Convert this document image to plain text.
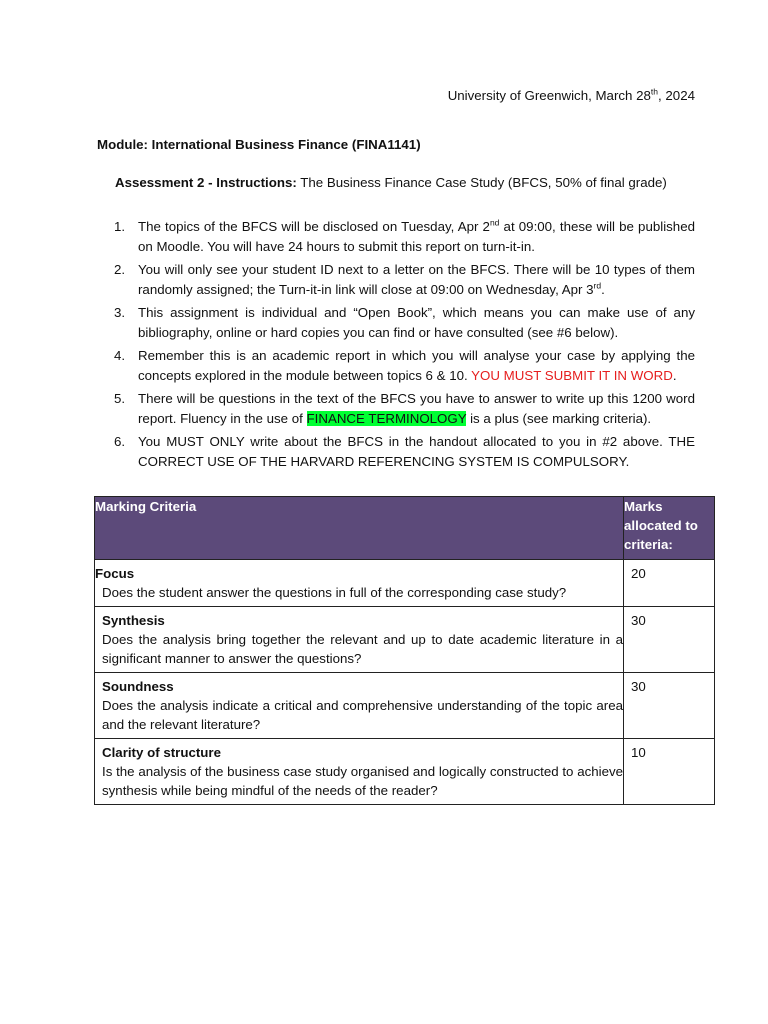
University of Greenwich, March 28th, 2024
Module: International Business Finance (FINA1141)
Assessment 2 - Instructions: The Business Finance Case Study (BFCS, 50% of final grade)
1. The topics of the BFCS will be disclosed on Tuesday, Apr 2nd at 09:00, these will be published on Moodle. You will have 24 hours to submit this report on turn-it-in.
2. You will only see your student ID next to a letter on the BFCS. There will be 10 types of them randomly assigned; the Turn-it-in link will close at 09:00 on Wednesday, Apr 3rd.
3. This assignment is individual and “Open Book”, which means you can make use of any bibliography, online or hard copies you can find or have consulted (see #6 below).
4. Remember this is an academic report in which you will analyse your case by applying the concepts explored in the module between topics 6 & 10. YOU MUST SUBMIT IT IN WORD.
5. There will be questions in the text of the BFCS you have to answer to write up this 1200 word report. Fluency in the use of FINANCE TERMINOLOGY is a plus (see marking criteria).
6. You MUST ONLY write about the BFCS in the handout allocated to you in #2 above. THE CORRECT USE OF THE HARVARD REFERENCING SYSTEM IS COMPULSORY.
Marking Criteria	Marks allocated to criteria:

Focus
Does the student answer the questions in full of the corresponding case study?	20

Synthesis
Does the analysis bring together the relevant and up to date academic literature in a significant manner to answer the questions?	30

Soundness
Does the analysis indicate a critical and comprehensive understanding of the topic area and the relevant literature?	30

Clarity of structure
Is the analysis of the business case study organised and logically constructed to achieve synthesis while being mindful of the needs of the reader?	10
